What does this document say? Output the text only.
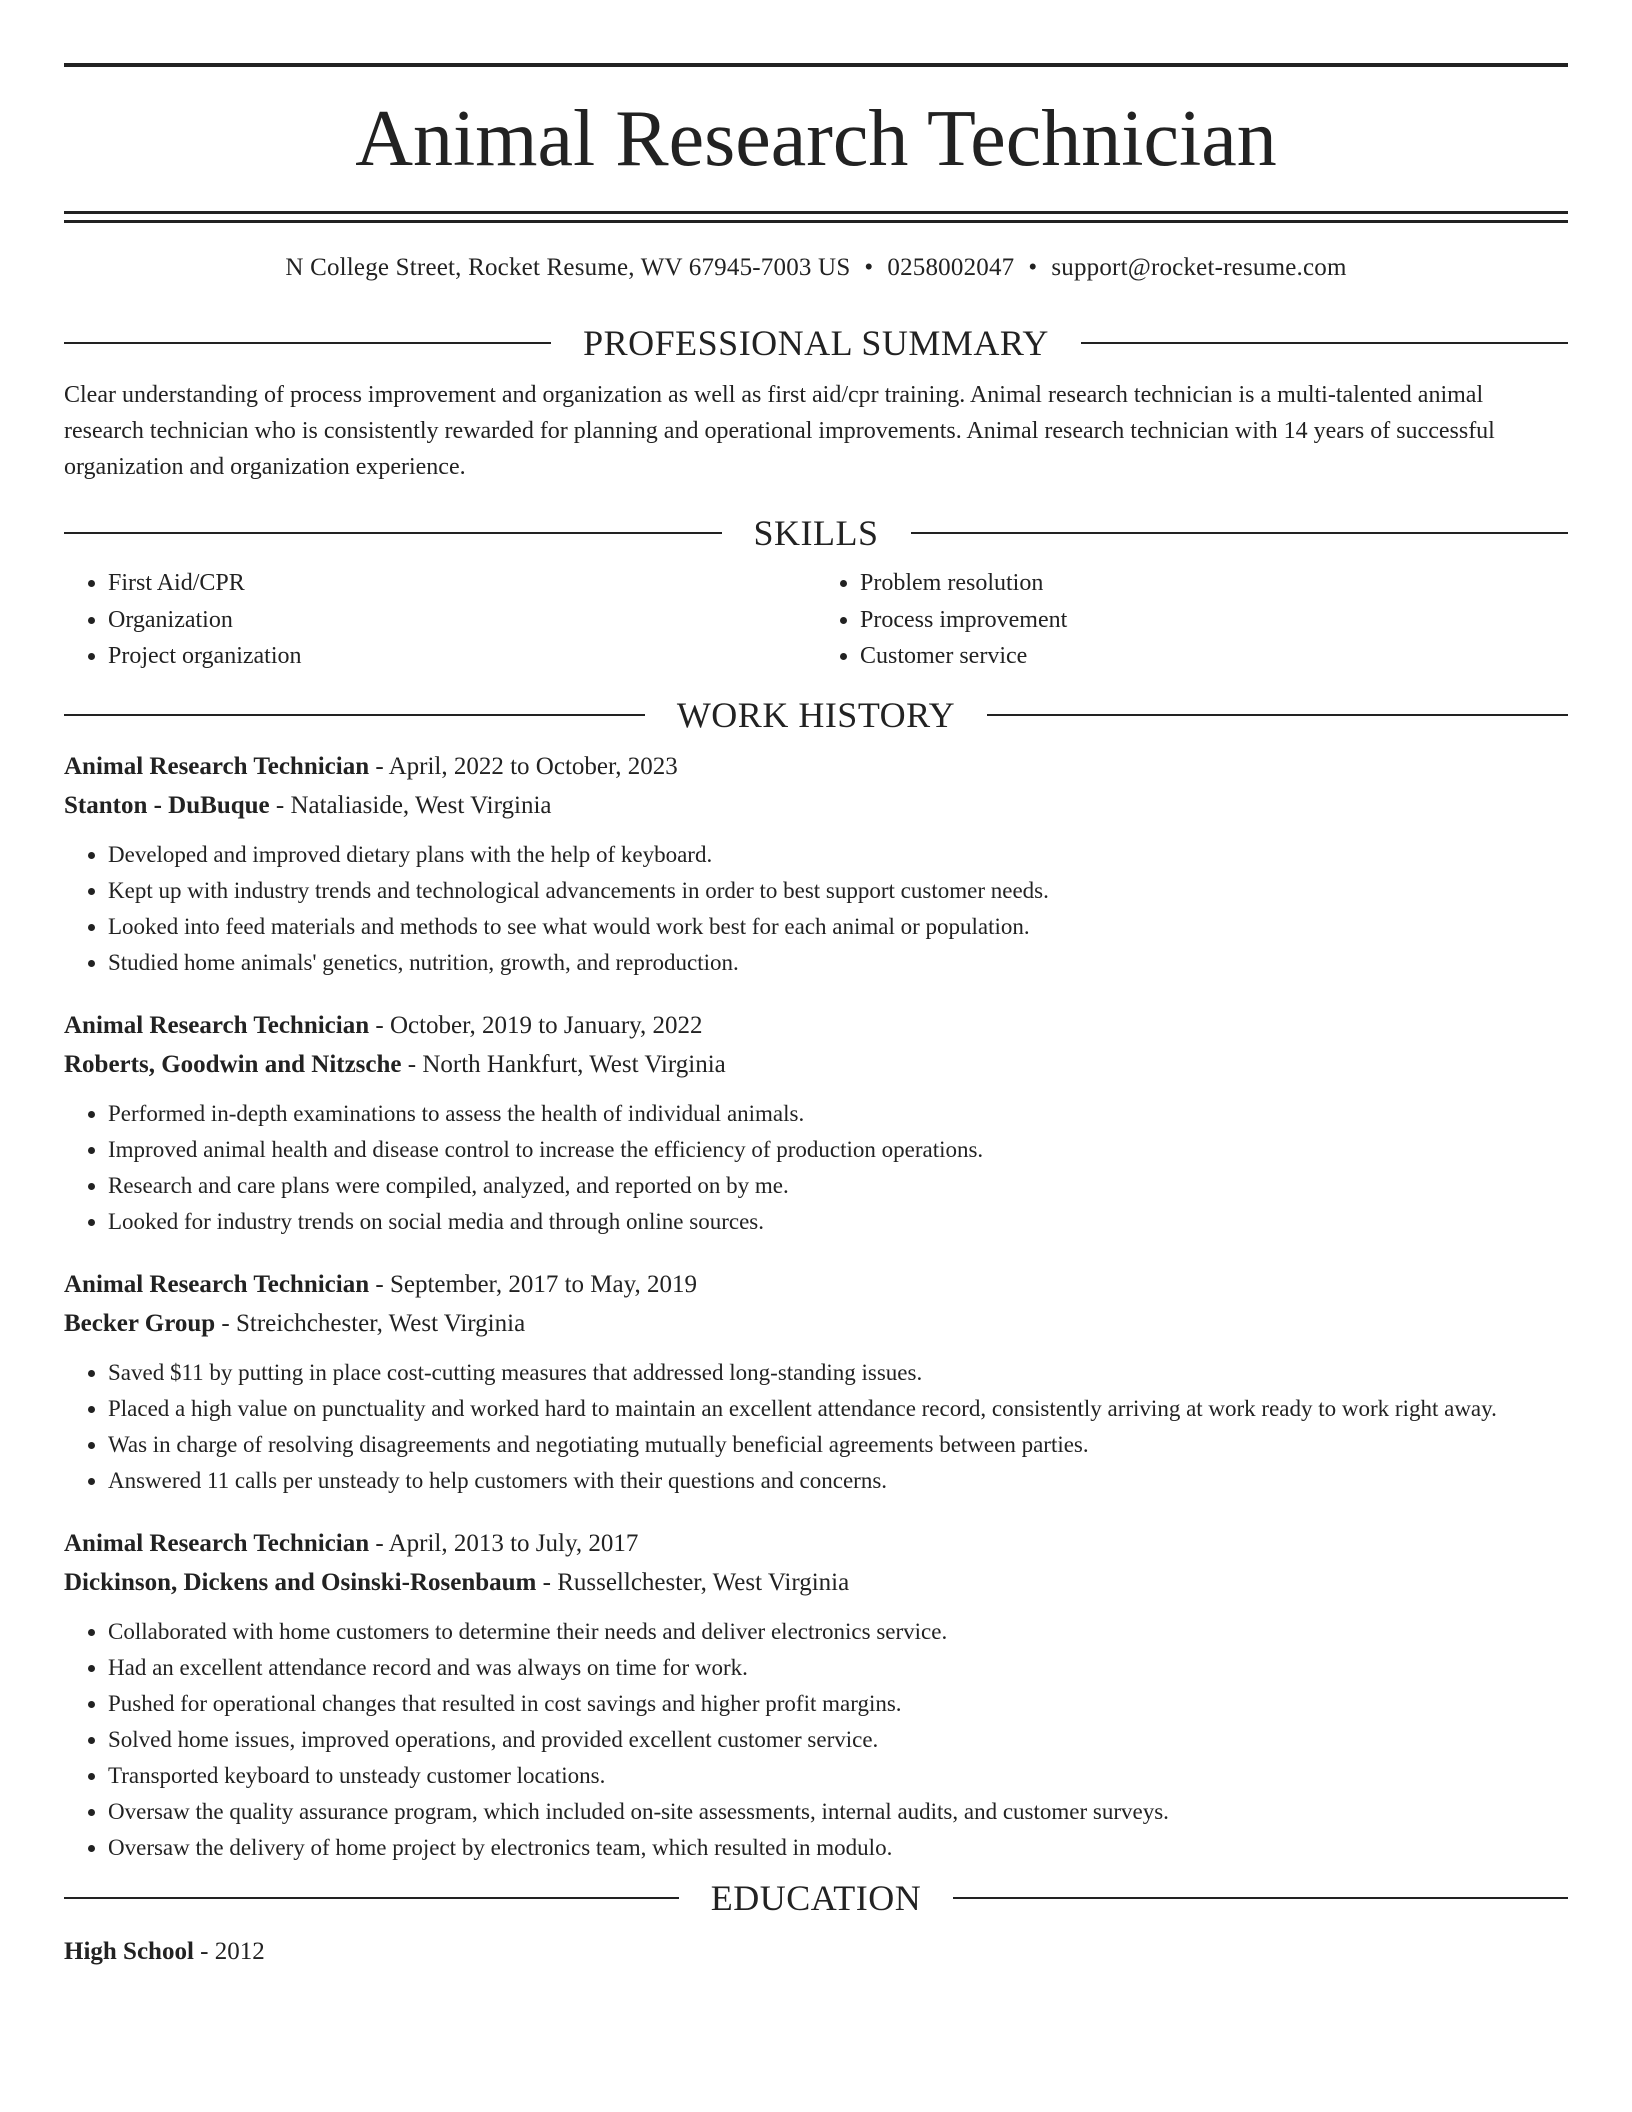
Animal Research Technician
N College Street, Rocket Resume, WV 67945-7003 US • 0258002047 • support@rocket-resume.com
PROFESSIONAL SUMMARY
Clear understanding of process improvement and organization as well as first aid/cpr training. Animal research technician is a multi-talented animal research technician who is consistently rewarded for planning and operational improvements. Animal research technician with 14 years of successful organization and organization experience.
SKILLS
• First Aid/CPR
• Organization
• Project organization
• Problem resolution
• Process improvement
• Customer service
WORK HISTORY
Animal Research Technician - April, 2022 to October, 2023
Stanton - DuBuque - Nataliaside, West Virginia
• Developed and improved dietary plans with the help of keyboard.
• Kept up with industry trends and technological advancements in order to best support customer needs.
• Looked into feed materials and methods to see what would work best for each animal or population.
• Studied home animals' genetics, nutrition, growth, and reproduction.
Animal Research Technician - October, 2019 to January, 2022
Roberts, Goodwin and Nitzsche - North Hankfurt, West Virginia
• Performed in-depth examinations to assess the health of individual animals.
• Improved animal health and disease control to increase the efficiency of production operations.
• Research and care plans were compiled, analyzed, and reported on by me.
• Looked for industry trends on social media and through online sources.
Animal Research Technician - September, 2017 to May, 2019
Becker Group - Streichchester, West Virginia
• Saved $11 by putting in place cost-cutting measures that addressed long-standing issues.
• Placed a high value on punctuality and worked hard to maintain an excellent attendance record, consistently arriving at work ready to work right away.
• Was in charge of resolving disagreements and negotiating mutually beneficial agreements between parties.
• Answered 11 calls per unsteady to help customers with their questions and concerns.
Animal Research Technician - April, 2013 to July, 2017
Dickinson, Dickens and Osinski-Rosenbaum - Russellchester, West Virginia
• Collaborated with home customers to determine their needs and deliver electronics service.
• Had an excellent attendance record and was always on time for work.
• Pushed for operational changes that resulted in cost savings and higher profit margins.
• Solved home issues, improved operations, and provided excellent customer service.
• Transported keyboard to unsteady customer locations.
• Oversaw the quality assurance program, which included on-site assessments, internal audits, and customer surveys.
• Oversaw the delivery of home project by electronics team, which resulted in modulo.
EDUCATION
High School - 2012
